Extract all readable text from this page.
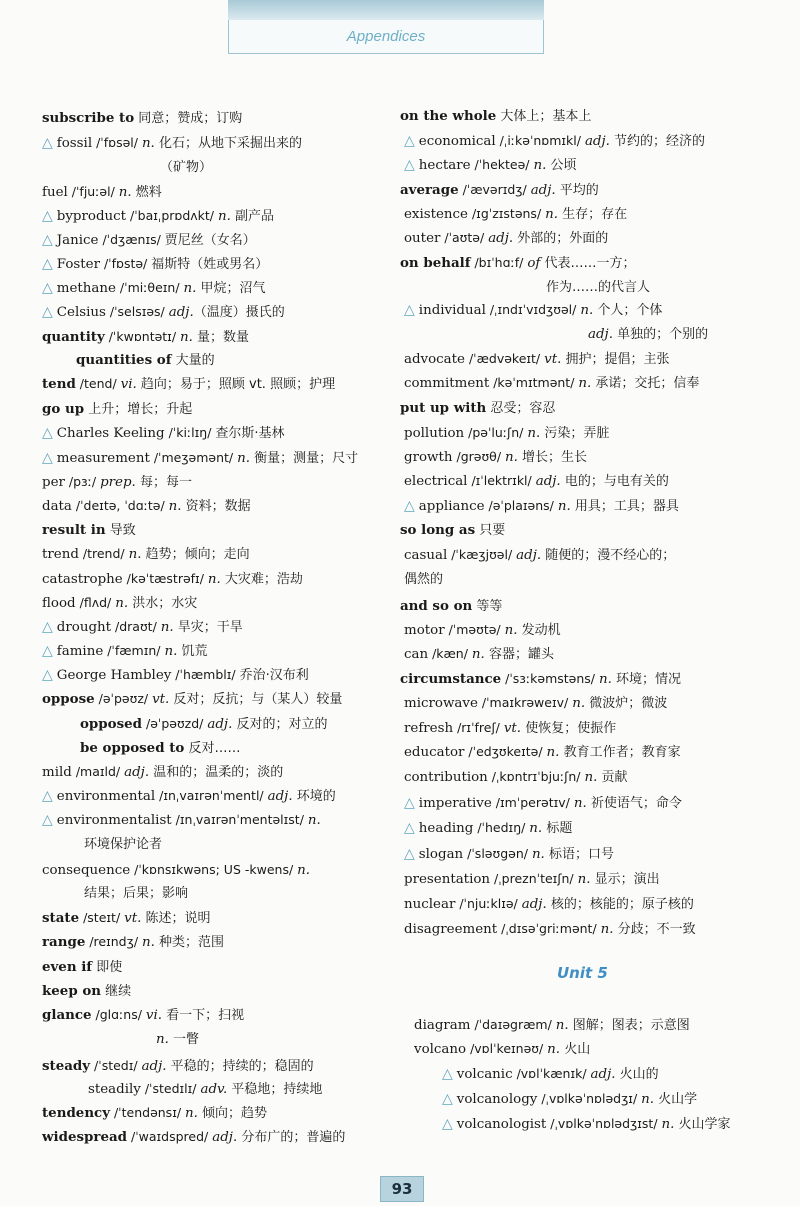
Appendices
subscribe to 同意；赞成；订购
△ fossil /ˈfɒsəl/ n. 化石；从地下采掘出来的
（矿物）
fuel /ˈfjuːəl/ n. 燃料
△ byproduct /ˈbaɪˌprɒdʌkt/ n. 副产品
△ Janice /ˈdʒænɪs/ 贾尼丝（女名）
△ Foster /ˈfɒstə/ 福斯特（姓或男名）
△ methane /ˈmiːθeɪn/ n. 甲烷；沼气
△ Celsius /ˈselsɪəs/ adj.（温度）摄氏的
quantity /ˈkwɒntətɪ/ n. 量；数量
quantities of 大量的
tend /tend/ vi. 趋向；易于；照顾 vt. 照顾；护理
go up 上升；增长；升起
△ Charles Keeling /ˈkiːlɪŋ/ 查尔斯·基林
△ measurement /ˈmeʒəmənt/ n. 衡量；测量；尺寸
per /pɜː/ prep. 每；每一
data /ˈdeɪtə, ˈdɑːtə/ n. 资料；数据
result in 导致
trend /trend/ n. 趋势；倾向；走向
catastrophe /kəˈtæstrəfɪ/ n. 大灾难；浩劫
flood /flʌd/ n. 洪水；水灾
△ drought /draʊt/ n. 旱灾；干旱
△ famine /ˈfæmɪn/ n. 饥荒
△ George Hambley /ˈhæmblɪ/ 乔治·汉布利
oppose /əˈpəʊz/ vt. 反对；反抗；与（某人）较量
opposed /əˈpəʊzd/ adj. 反对的；对立的
be opposed to 反对……
mild /maɪld/ adj. 温和的；温柔的；淡的
△ environmental /ɪnˌvaɪrənˈmentl/ adj. 环境的
△ environmentalist /ɪnˌvaɪrənˈmentəlɪst/ n.
环境保护论者
consequence /ˈkɒnsɪkwəns; US -kwens/ n.
结果；后果；影响
state /steɪt/ vt. 陈述；说明
range /reɪndʒ/ n. 种类；范围
even if 即使
keep on 继续
glance /glɑːns/ vi. 看一下；扫视
n. 一瞥
steady /ˈstedɪ/ adj. 平稳的；持续的；稳固的
steadily /ˈstedɪlɪ/ adv. 平稳地；持续地
tendency /ˈtendənsɪ/ n. 倾向；趋势
widespread /ˈwaɪdspred/ adj. 分布广的；普遍的
on the whole 大体上；基本上
△ economical /ˌiːkəˈnɒmɪkl/ adj. 节约的；经济的
△ hectare /ˈhekteə/ n. 公顷
average /ˈævərɪdʒ/ adj. 平均的
existence /ɪgˈzɪstəns/ n. 生存；存在
outer /ˈaʊtə/ adj. 外部的；外面的
on behalf /bɪˈhɑːf/ of 代表……一方；
作为……的代言人
△ individual /ˌɪndɪˈvɪdʒʊəl/ n. 个人；个体
adj. 单独的；个别的
advocate /ˈædvəkeɪt/ vt. 拥护；提倡；主张
commitment /kəˈmɪtmənt/ n. 承诺；交托；信奉
put up with 忍受；容忍
pollution /pəˈluːʃn/ n. 污染；弄脏
growth /grəʊθ/ n. 增长；生长
electrical /ɪˈlektrɪkl/ adj. 电的；与电有关的
△ appliance /əˈplaɪəns/ n. 用具；工具；器具
so long as 只要
casual /ˈkæʒjʊəl/ adj. 随便的；漫不经心的；
偶然的
and so on 等等
motor /ˈməʊtə/ n. 发动机
can /kæn/ n. 容器；罐头
circumstance /ˈsɜːkəmstəns/ n. 环境；情况
microwave /ˈmaɪkrəweɪv/ n. 微波炉；微波
refresh /rɪˈfreʃ/ vt. 使恢复；使振作
educator /ˈedʒʊkeɪtə/ n. 教育工作者；教育家
contribution /ˌkɒntrɪˈbjuːʃn/ n. 贡献
△ imperative /ɪmˈperətɪv/ n. 祈使语气；命令
△ heading /ˈhedɪŋ/ n. 标题
△ slogan /ˈsləʊgən/ n. 标语；口号
presentation /ˌpreznˈteɪʃn/ n. 显示；演出
nuclear /ˈnjuːklɪə/ adj. 核的；核能的；原子核的
disagreement /ˌdɪsəˈgriːmənt/ n. 分歧；不一致
diagram /ˈdaɪəgræm/ n. 图解；图表；示意图
volcano /vɒlˈkeɪnəʊ/ n. 火山
△ volcanic /vɒlˈkænɪk/ adj. 火山的
△ volcanology /ˌvɒlkəˈnɒlədʒɪ/ n. 火山学
△ volcanologist /ˌvɒlkəˈnɒlədʒɪst/ n. 火山学家
Unit 5
93
